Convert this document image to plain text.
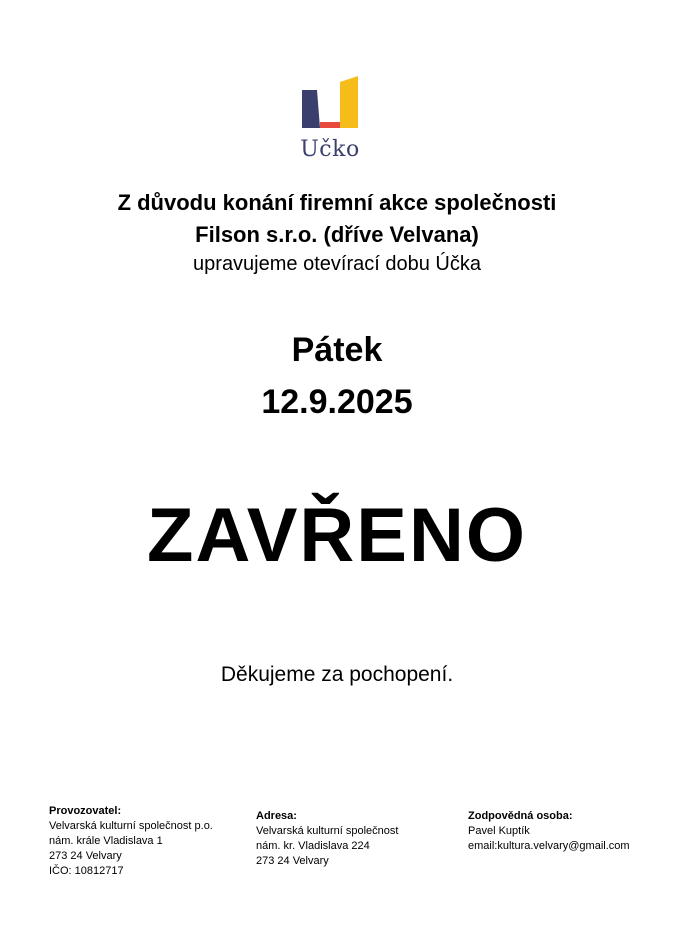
Učko
Z důvodu konání firemní akce společnosti
Filson s.r.o. (dříve Velvana)
upravujeme otevírací dobu Účka
Pátek
12.9.2025
ZAVŘENO
Děkujeme za pochopení.
Provozovatel:
Velvarská kulturní společnost p.o.
nám. krále Vladislava 1
273 24 Velvary
IČO: 10812717
Adresa:
Velvarská kulturní společnost
nám. kr. Vladislava 224
273 24 Velvary
Zodpovědná osoba:
Pavel Kuptík
email:kultura.velvary@gmail.com
